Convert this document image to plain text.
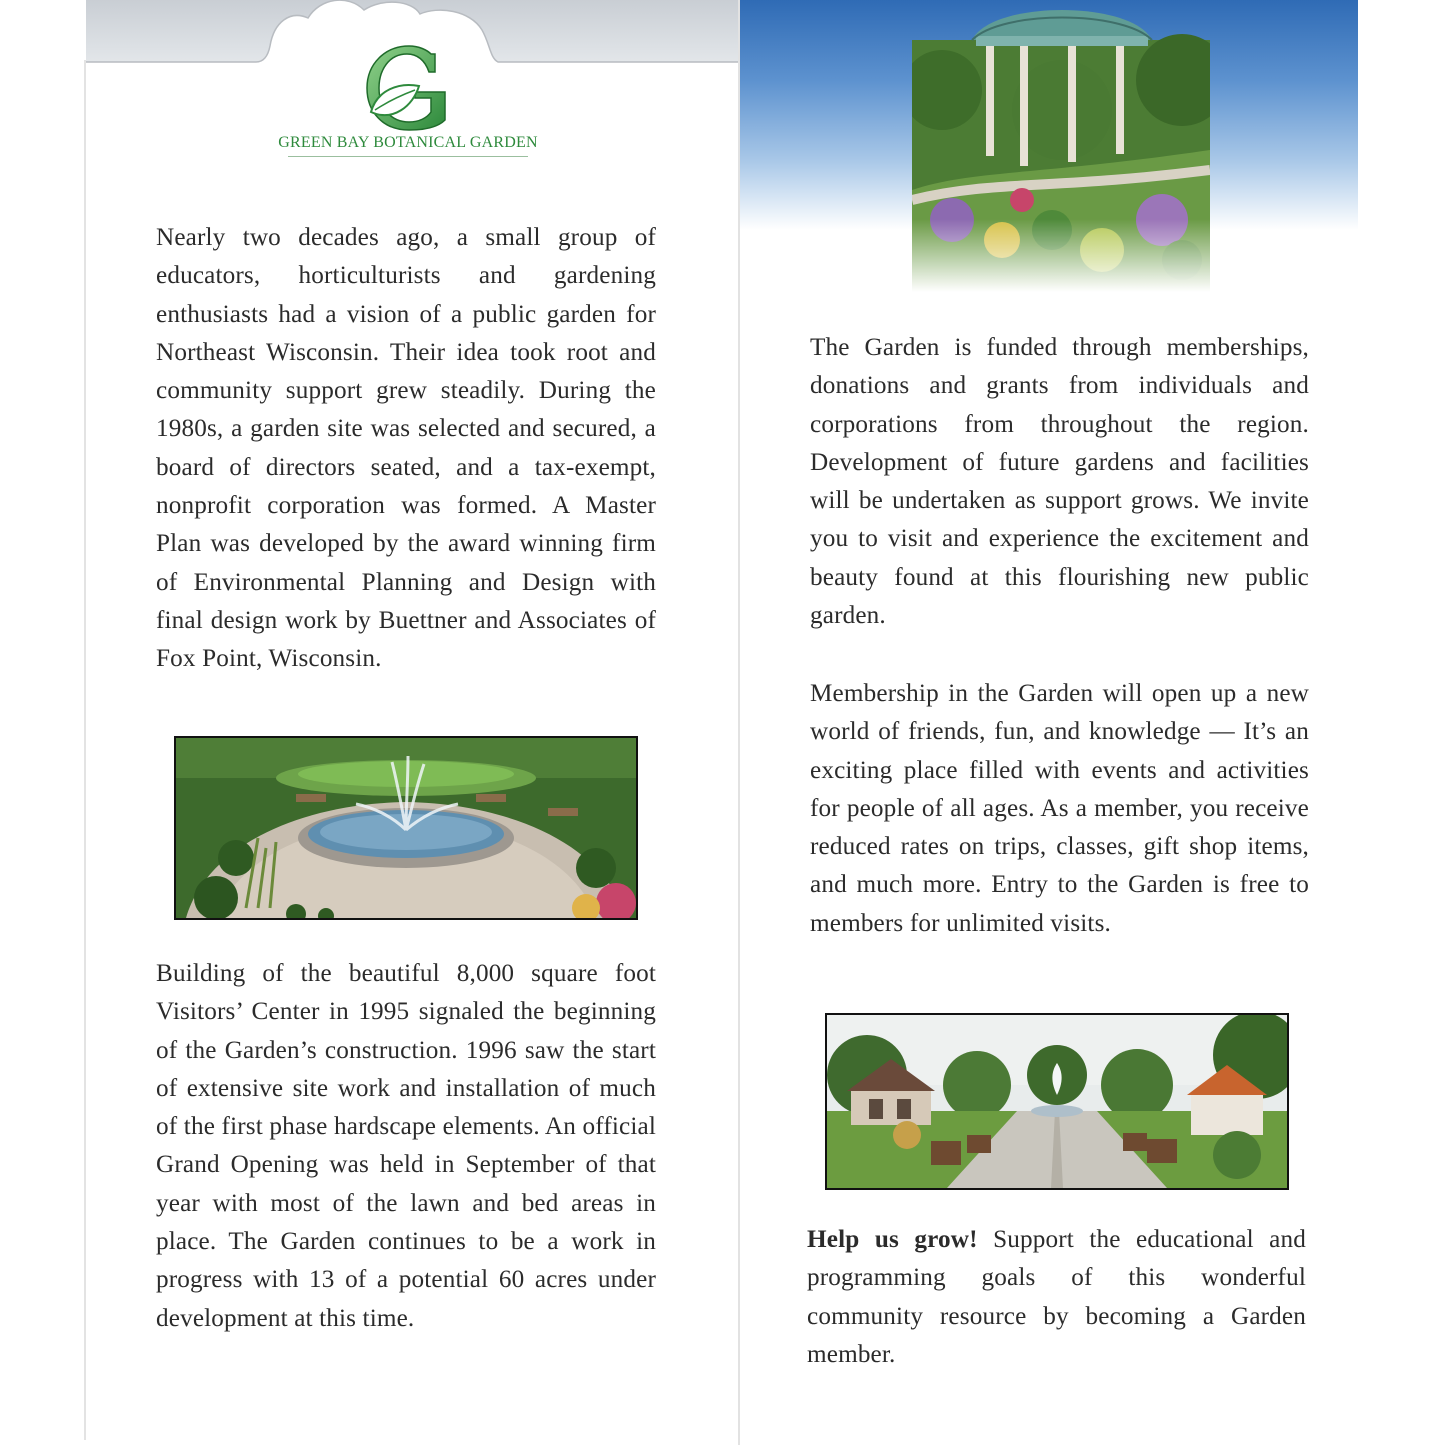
GREEN BAY BOTANICAL GARDEN

Nearly two decades ago, a small group of educators, horticulturists and gardening enthusiasts had a vision of a public garden for Northeast Wisconsin. Their idea took root and community support grew steadily. During the 1980s, a garden site was selected and secured, a board of directors seated, and a tax-exempt, nonprofit corporation was formed. A Master Plan was developed by the award winning firm of Environmental Planning and Design with final design work by Buettner and Associates of Fox Point, Wisconsin.

Building of the beautiful 8,000 square foot Visitors’ Center in 1995 signaled the beginning of the Garden’s construction. 1996 saw the start of extensive site work and installation of much of the first phase hardscape elements. An official Grand Opening was held in September of that year with most of the lawn and bed areas in place. The Garden continues to be a work in progress with 13 of a potential 60 acres under development at this time.

The Garden is funded through memberships, donations and grants from individuals and corporations from throughout the region. Development of future gardens and facilities will be undertaken as support grows. We invite you to visit and experience the excitement and beauty found at this flourishing new public garden.

Membership in the Garden will open up a new world of friends, fun, and knowledge — It’s an exciting place filled with events and activities for people of all ages. As a member, you receive reduced rates on trips, classes, gift shop items, and much more. Entry to the Garden is free to members for unlimited visits.

Help us grow! Support the educational and programming goals of this wonderful community resource by becoming a Garden member.
